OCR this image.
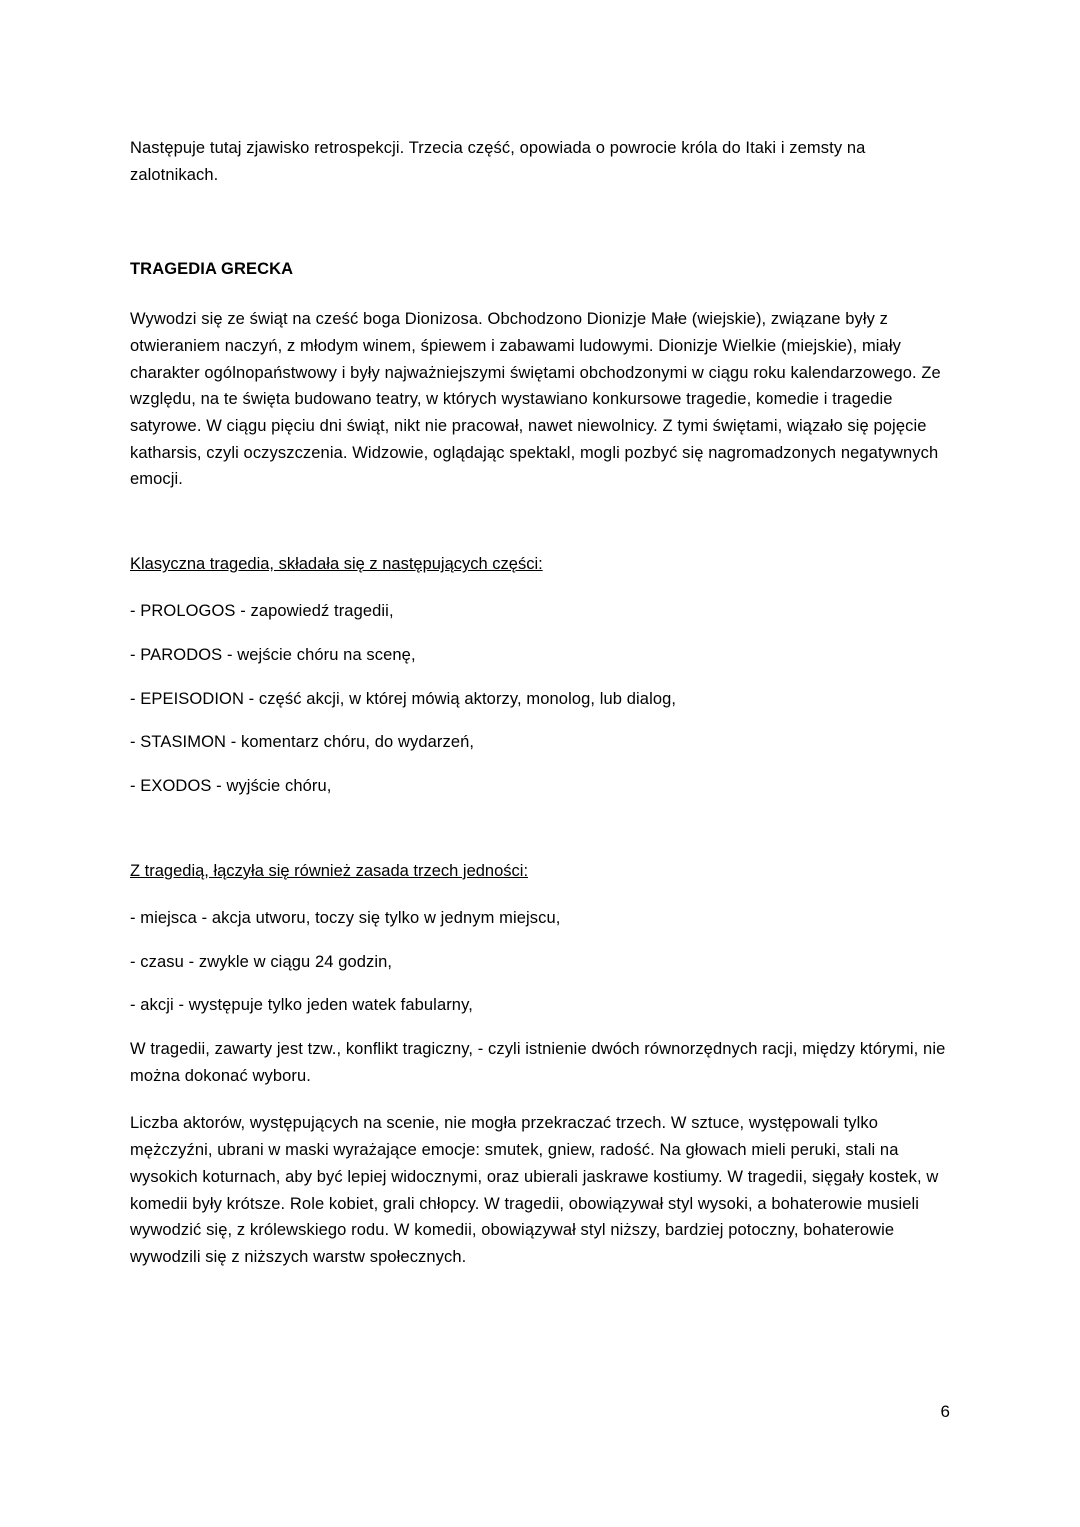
Następuje tutaj zjawisko retrospekcji. Trzecia część, opowiada o powrocie króla do Itaki i zemsty na zalotnikach.

TRAGEDIA GRECKA

Wywodzi się ze świąt na cześć boga Dionizosa. Obchodzono Dionizje Małe (wiejskie), związane były z otwieraniem naczyń, z młodym winem, śpiewem i zabawami ludowymi. Dionizje Wielkie (miejskie), miały charakter ogólnopaństwowy i były najważniejszymi świętami obchodzonymi w ciągu roku kalendarzowego. Ze względu, na te święta budowano teatry, w których wystawiano konkursowe tragedie, komedie i tragedie satyrowe. W ciągu pięciu dni świąt, nikt nie pracował, nawet niewolnicy. Z tymi świętami, wiązało się pojęcie katharsis, czyli oczyszczenia. Widzowie, oglądając spektakl, mogli pozbyć się nagromadzonych negatywnych emocji.

Klasyczna tragedia, składała się z następujących części:

- PROLOGOS - zapowiedź tragedii,

- PARODOS - wejście chóru na scenę,

- EPEISODION - część akcji, w której mówią aktorzy, monolog, lub dialog,

- STASIMON - komentarz chóru, do wydarzeń,

- EXODOS - wyjście chóru,

Z tragedią, łączyła się również zasada trzech jedności:

- miejsca - akcja utworu, toczy się tylko w jednym miejscu,

- czasu - zwykle w ciągu 24 godzin,

- akcji - występuje tylko jeden watek fabularny,

W tragedii, zawarty jest tzw., konflikt tragiczny, - czyli istnienie dwóch równorzędnych racji, między którymi, nie można dokonać wyboru.

Liczba aktorów, występujących na scenie, nie mogła przekraczać trzech. W sztuce, występowali tylko mężczyźni, ubrani w maski wyrażające emocje: smutek, gniew, radość. Na głowach mieli peruki, stali na wysokich koturnach, aby być lepiej widocznymi, oraz ubierali jaskrawe kostiumy. W tragedii, sięgały kostek, w komedii były krótsze. Role kobiet, grali chłopcy. W tragedii, obowiązywał styl wysoki, a bohaterowie musieli wywodzić się, z królewskiego rodu. W komedii, obowiązywał styl niższy, bardziej potoczny, bohaterowie wywodzili się z niższych warstw społecznych.

6
